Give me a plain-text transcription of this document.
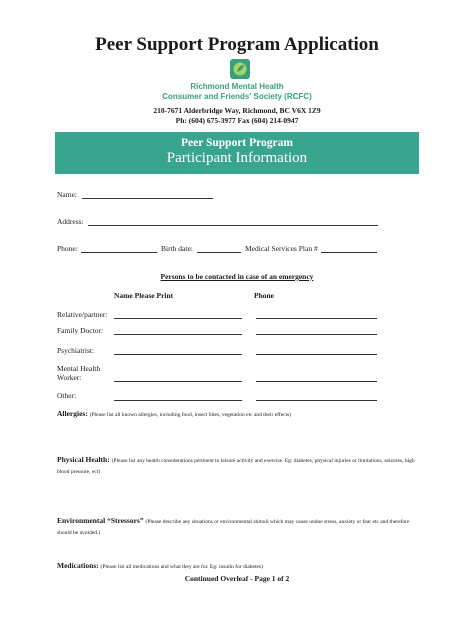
Peer Support Program Application
Richmond Mental Health
Consumer and Friends' Society (RCFC)
210-7671 Alderbridge Way, Richmond, BC V6X 1Z9
Ph: (604) 675-3977 Fax (604) 214-0947
Peer Support Program
Participant Information
Name:
Address:
Phone:	Birth date:	Medical Services Plan #
Persons to be contacted in case of an emergency
Name Please Print	Phone
Relative/partner:
Family Doctor:
Psychiatrist:
Mental Health Worker:
Other:
Allergies: (Please list all known allergies, including food, insect bites, vegetation etc and their effects)
Physical Health: (Please list any health considerations pertinent to leisure activity and exercise. Eg: diabetes, physical injuries or limitations, seizures, high blood pressure, ect)
Environmental “Stressors” (Please describe any situations or environmental stimuli which may cause undue stress, anxiety or fear etc and therefore should be avoided.)
Medications: (Please list all medications and what they are for. Eg: insulin for diabetes)
Continued Overleaf - Page 1 of 2
